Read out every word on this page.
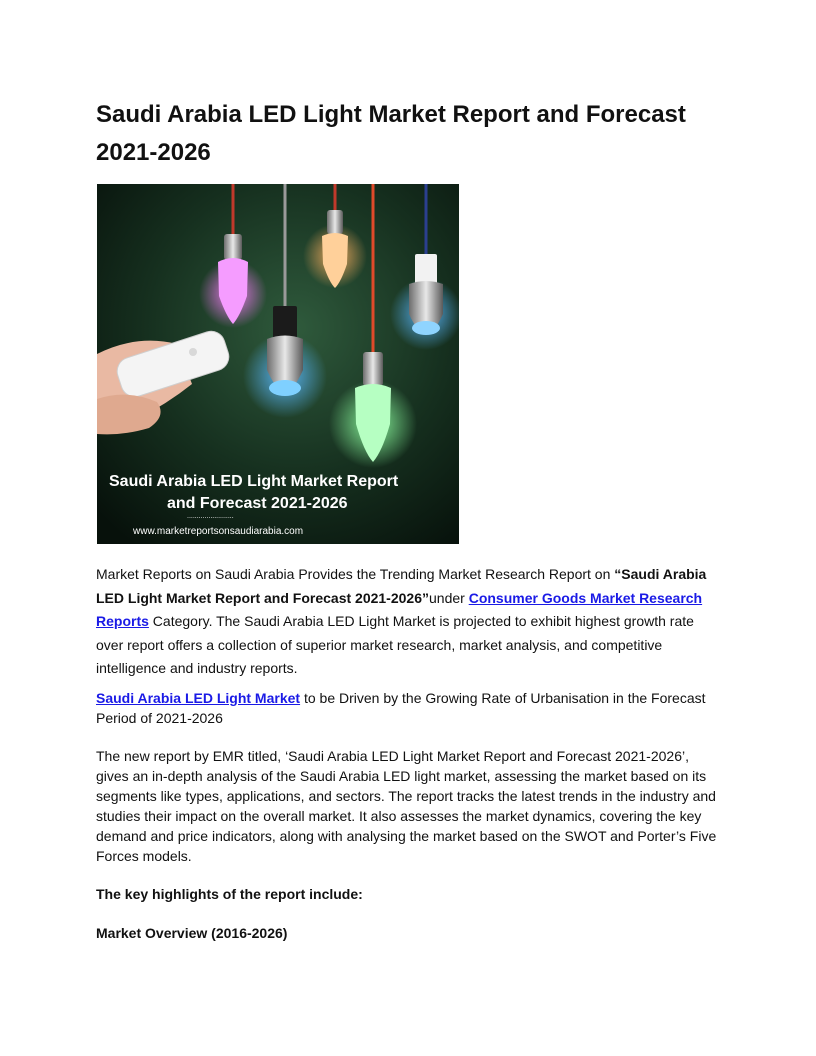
Saudi Arabia LED Light Market Report and Forecast 2021-2026
Saudi Arabia LED Light Market Report
and Forecast 2021-2026
........................
www.marketreportsonsaudiarabia.com

Market Reports on Saudi Arabia Provides the Trending Market Research Report on “Saudi Arabia LED Light Market Report and Forecast 2021-2026”under Consumer Goods Market Research Reports Category. The Saudi Arabia LED Light Market is projected to exhibit highest growth rate over report offers a collection of superior market research, market analysis, and competitive intelligence and industry reports.

Saudi Arabia LED Light Market to be Driven by the Growing Rate of Urbanisation in the Forecast Period of 2021-2026

The new report by EMR titled, ‘Saudi Arabia LED Light Market Report and Forecast 2021-2026’, gives an in-depth analysis of the Saudi Arabia LED light market, assessing the market based on its segments like types, applications, and sectors. The report tracks the latest trends in the industry and studies their impact on the overall market. It also assesses the market dynamics, covering the key demand and price indicators, along with analysing the market based on the SWOT and Porter’s Five Forces models.

The key highlights of the report include:

Market Overview (2016-2026)
